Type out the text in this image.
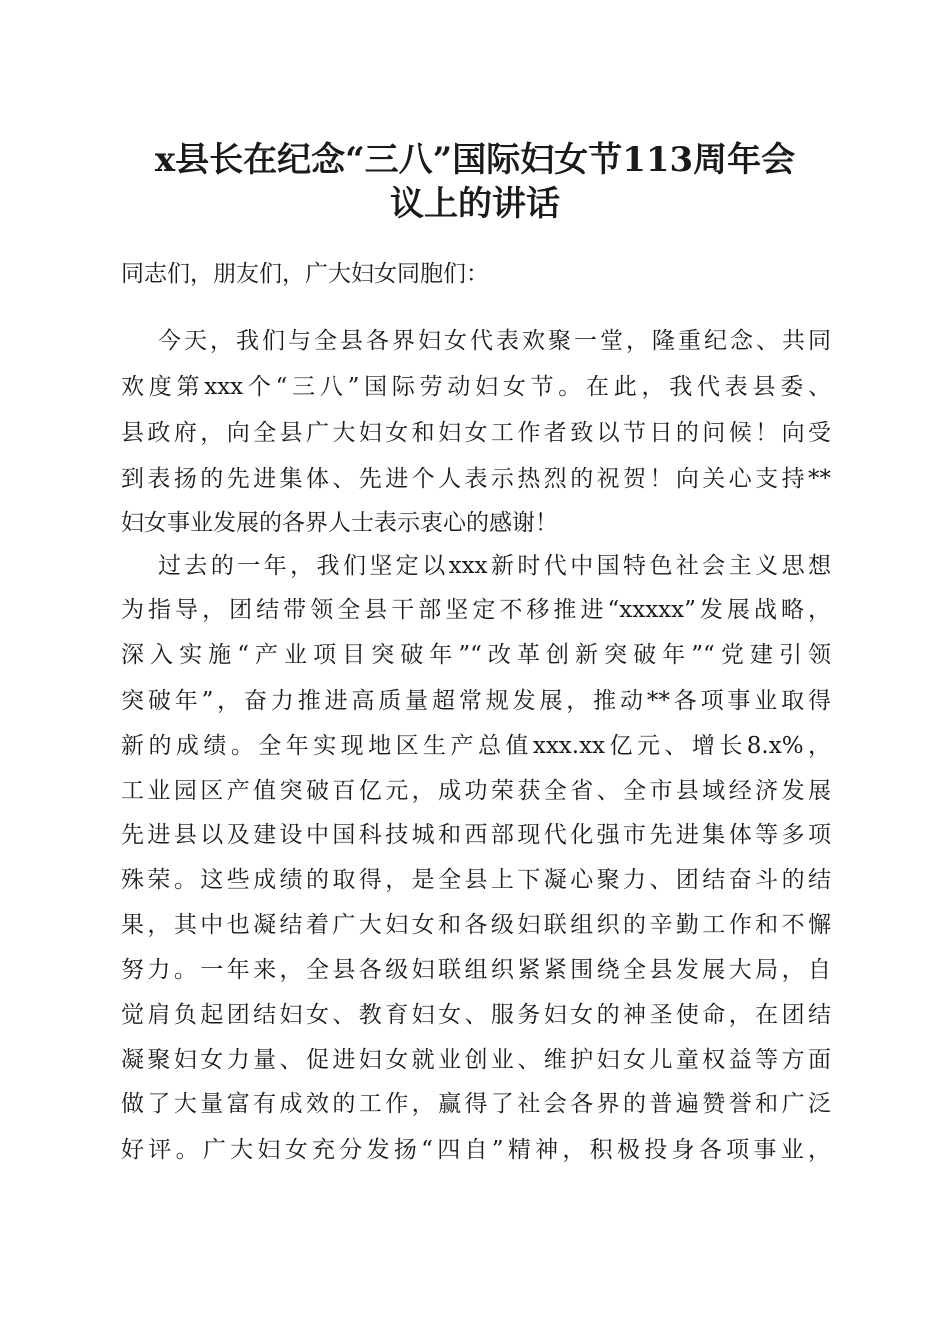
x县长在纪念“三八”国际妇女节113周年会
议上的讲话
同志们，朋友们，广大妇女同胞们：
今天，我们与全县各界妇女代表欢聚一堂，隆重纪念、共同
欢度第xxx个“三八”国际劳动妇女节。在此，我代表县委、
县政府，向全县广大妇女和妇女工作者致以节日的问候！向受
到表扬的先进集体、先进个人表示热烈的祝贺！向关心支持**
妇女事业发展的各界人士表示衷心的感谢！
过去的一年，我们坚定以xxx新时代中国特色社会主义思想
为指导，团结带领全县干部坚定不移推进“xxxxx”发展战略，
深入实施“产业项目突破年”“改革创新突破年”“党建引领
突破年”，奋力推进高质量超常规发展，推动**各项事业取得
新的成绩。全年实现地区生产总值xxx.xx亿元、增长8.x%，
工业园区产值突破百亿元，成功荣获全省、全市县域经济发展
先进县以及建设中国科技城和西部现代化强市先进集体等多项
殊荣。这些成绩的取得，是全县上下凝心聚力、团结奋斗的结
果，其中也凝结着广大妇女和各级妇联组织的辛勤工作和不懈
努力。一年来，全县各级妇联组织紧紧围绕全县发展大局，自
觉肩负起团结妇女、教育妇女、服务妇女的神圣使命，在团结
凝聚妇女力量、促进妇女就业创业、维护妇女儿童权益等方面
做了大量富有成效的工作，赢得了社会各界的普遍赞誉和广泛
好评。广大妇女充分发扬“四自”精神，积极投身各项事业，
